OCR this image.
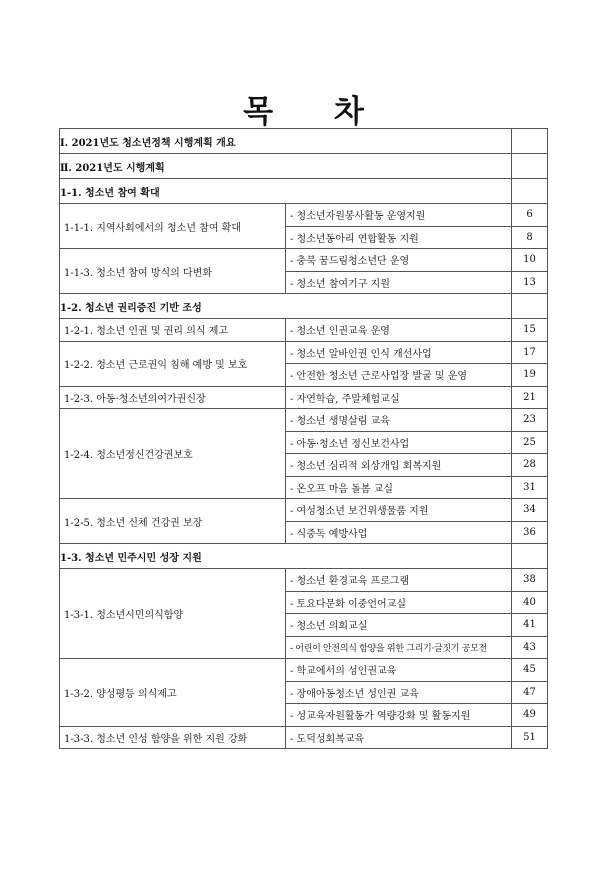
목 차
Ⅰ. 2021년도 청소년정책 시행계획 개요		
Ⅱ. 2021년도 시행계획		
1-1. 청소년 참여 확대		
1-1-1. 지역사회에서의 청소년 참여 확대	- 청소년자원봉사활동 운영지원	6
	- 청소년동아리 연합활동 지원	8
1-1-3. 청소년 참여 방식의 다변화	- 충북 꿈드림청소년단 운영	10
	- 청소년 참여기구 지원	13
1-2. 청소년 권리증진 기반 조성		
1-2-1. 청소년 인권 및 권리 의식 제고	- 청소년 인권교육 운영	15
1-2-2. 청소년 근로권익 침해 예방 및 보호	- 청소년 알바인권 인식 개선사업	17
	- 안전한 청소년 근로사업장 발굴 및 운영	19
1-2-3. 아동·청소년의여가권신장	- 자연학습, 주말체험교실	21
1-2-4. 청소년정신건강권보호	- 청소년 생명살림 교육	23
	- 아동·청소년 정신보건사업	25
	- 청소년 심리적 외상개입 회복지원	28
	- 온오프 마음 돌봄 교실	31
1-2-5. 청소년 신체 건강권 보장	- 여성청소년 보건위생물품 지원	34
	- 식중독 예방사업	36
1-3. 청소년 민주시민 성장 지원		
1-3-1. 청소년시민의식함양	- 청소년 환경교육 프로그램	38
	- 토요다문화 이중언어교실	40
	- 청소년 의회교실	41
	- 어린이 안전의식 함양을 위한 그리기·글짓기 공모전	43
1-3-2. 양성평등 의식제고	- 학교에서의 성인권교육	45
	- 장애아동청소년 성인권 교육	47
	- 성교육자원활동가 역량강화 및 활동지원	49
1-3-3. 청소년 인성 함양을 위한 지원 강화	- 도덕성회복교육	51
